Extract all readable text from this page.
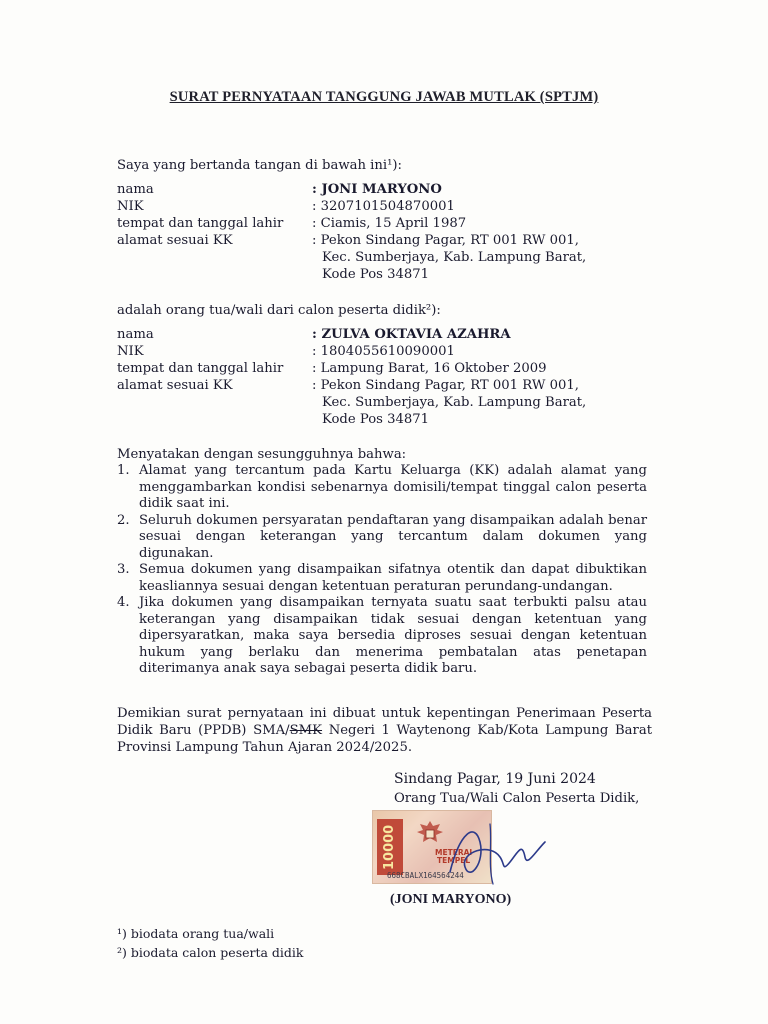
SURAT PERNYATAAN TANGGUNG JAWAB MUTLAK (SPTJM)
Saya yang bertanda tangan di bawah ini¹):
nama	: JONI MARYONO
NIK	: 3207101504870001
tempat dan tanggal lahir	: Ciamis, 15 April 1987
alamat sesuai KK	: Pekon Sindang Pagar, RT 001 RW 001,
Kec. Sumberjaya, Kab. Lampung Barat,
Kode Pos 34871
adalah orang tua/wali dari calon peserta didik²):
nama	: ZULVA OKTAVIA AZAHRA
NIK	: 1804055610090001
tempat dan tanggal lahir	: Lampung Barat, 16 Oktober 2009
alamat sesuai KK	: Pekon Sindang Pagar, RT 001 RW 001,
Kec. Sumberjaya, Kab. Lampung Barat,
Kode Pos 34871
Menyatakan dengan sesungguhnya bahwa:
1. Alamat yang tercantum pada Kartu Keluarga (KK) adalah alamat yang menggambarkan kondisi sebenarnya domisili/tempat tinggal calon peserta didik saat ini.
2. Seluruh dokumen persyaratan pendaftaran yang disampaikan adalah benar sesuai dengan keterangan yang tercantum dalam dokumen yang digunakan.
3. Semua dokumen yang disampaikan sifatnya otentik dan dapat dibuktikan keasliannya sesuai dengan ketentuan peraturan perundang-undangan.
4. Jika dokumen yang disampaikan ternyata suatu saat terbukti palsu atau keterangan yang disampaikan tidak sesuai dengan ketentuan yang dipersyaratkan, maka saya bersedia diproses sesuai dengan ketentuan hukum yang berlaku dan menerima pembatalan atas penetapan diterimanya anak saya sebagai peserta didik baru.
Demikian surat pernyataan ini dibuat untuk kepentingan Penerimaan Peserta Didik Baru (PPDB) SMA/SMK Negeri 1 Waytenong Kab/Kota Lampung Barat Provinsi Lampung Tahun Ajaran 2024/2025.
Sindang Pagar, 19 Juni 2024
Orang Tua/Wali Calon Peserta Didik,
10000	METERAI
TEMPEL
668CBALX164564244
(JONI MARYONO)
¹) biodata orang tua/wali
²) biodata calon peserta didik
